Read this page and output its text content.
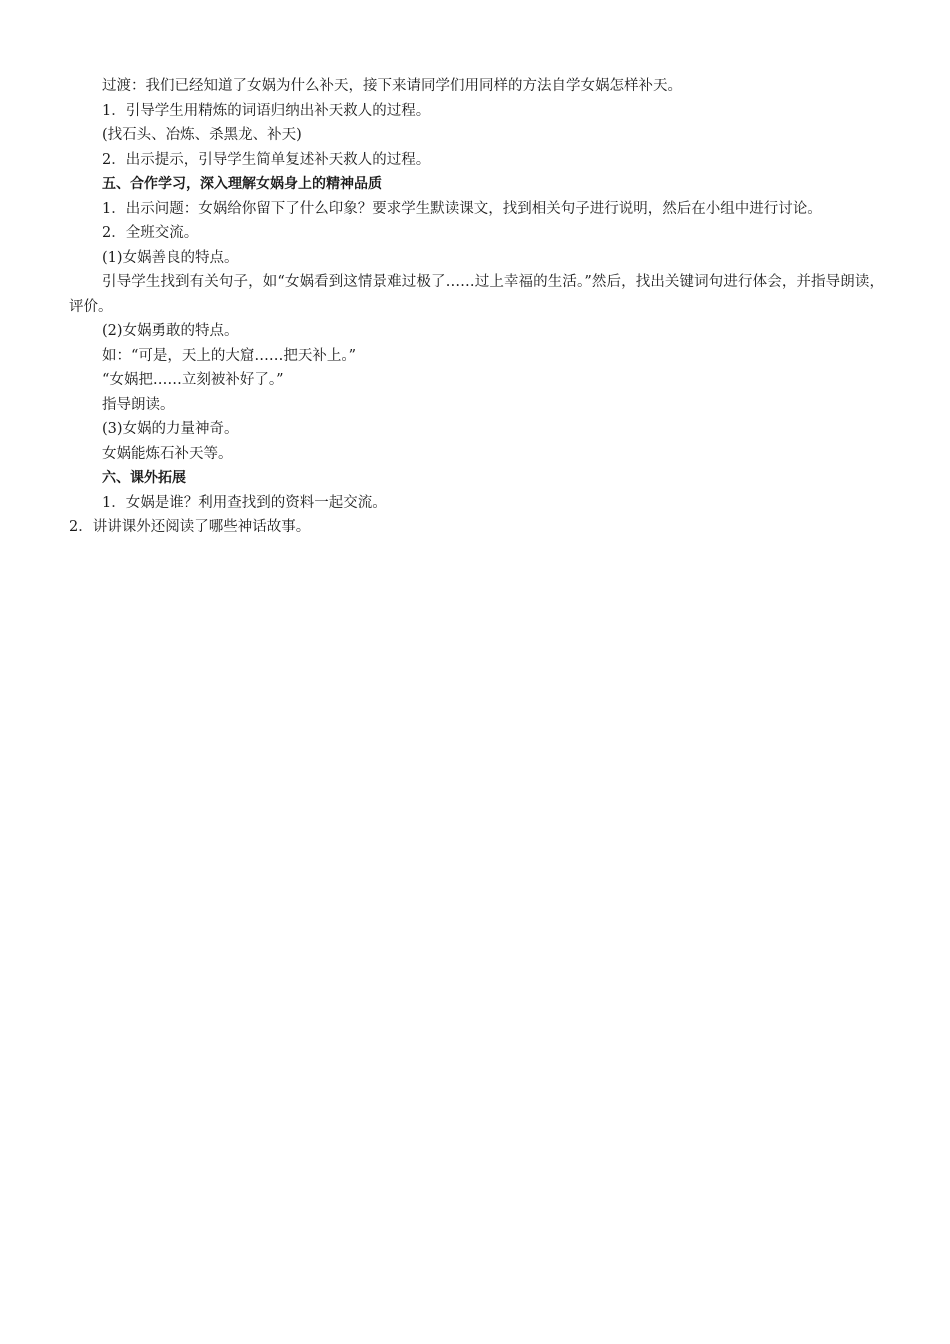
过渡：我们已经知道了女娲为什么补天，接下来请同学们用同样的方法自学女娲怎样补天。

1．引导学生用精炼的词语归纳出补天救人的过程。

(找石头、冶炼、杀黑龙、补天)

2．出示提示，引导学生简单复述补天救人的过程。

五、合作学习，深入理解女娲身上的精神品质

1．出示问题：女娲给你留下了什么印象？要求学生默读课文，找到相关句子进行说明，然后在小组中进行讨论。

2．全班交流。

(1)女娲善良的特点。

引导学生找到有关句子，如“女娲看到这情景难过极了……过上幸福的生活。”然后，找出关键词句进行体会，并指导朗读，评价。

(2)女娲勇敢的特点。

如：“可是，天上的大窟……把天补上。”

“女娲把……立刻被补好了。”

指导朗读。

(3)女娲的力量神奇。

女娲能炼石补天等。

六、课外拓展

1．女娲是谁？利用查找到的资料一起交流。

2．讲讲课外还阅读了哪些神话故事。
